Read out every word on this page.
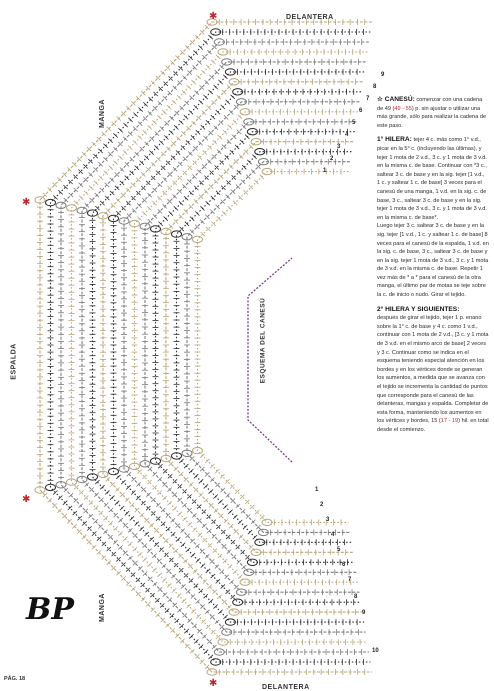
✱
✱
✱
✱
DELANTERA
DELANTERA
MANGA
MANGA
ESPALDA	ESQUEMA DEL CANESÚ
9
8
7
6
5
4
3
2
1
1
2
3
4
5
6
7
8
9
10

☆ CANESÚ: comenzar con una cadena de 49 (49 - 55) p. sin ajustar o utilizar una más grande, sólo para realizar la cadena de este paso.

1° HILERA: tejer 4 c. más como 1° v.d., picar en la 5° c. (incluyendo las últimas), y tejer 1 mota de 2 v.d., 3 c. y 1 mota de 3 v.d. en la misma c. de base. Continuar con *3 c., saltear 3 c. de base y en la sig. tejer [1 v.d., 1 c. y saltear 1 c. de base] 3 veces para el canesú de una manga, 1 v.d. en la sig. c. de base, 3 c., saltear 3 c. de base y en la sig. tejer 1 mota de 3 v.d., 3 c. y 1 mota de 3 v.d. en la misma c. de base*.
Luego tejer 3 c. saltear 3 c. de base y en la sig. tejer [1 v.d., 1 c. y saltear 1 c. de base] 8 veces para el canesú de la espalda, 1 v.d. en la sig. c. de base, 3 c., saltear 3 c. de base y en la sig. tejer 1 mota de 3 v.d., 3 c. y 1 mota de 3 v.d. en la misma c. de base. Repetir 1 vez más de * a * para el canesú de la otra manga, el último par de motas se teje sobre la c. de inicio o nudo. Girar el tejido.

2° HILERA Y SIGUIENTES:
después de girar el tejido, tejer 1 p. enano sobre la 1° c. de base y 4 c. como 1 v.d., continuar con 1 mota de 2 v.d., [3 c. y 1 mota de 3 v.d. en el mismo arco de base] 2 veces y 3 c. Continuar como se indica en el esquema teniendo especial atención en los bordes y en los vértices donde se generan los aumentos, a medida que se avanza con el tejido se incrementa la cantidad de puntos que corresponde para el canesú de las delanteras, mangas y espalda. Completar de esta forma, manteniendo los aumentos en los vértices y bordes, 15 (17 - 19) hil. en total desde el comienzo.

BP
PÁG. 18
